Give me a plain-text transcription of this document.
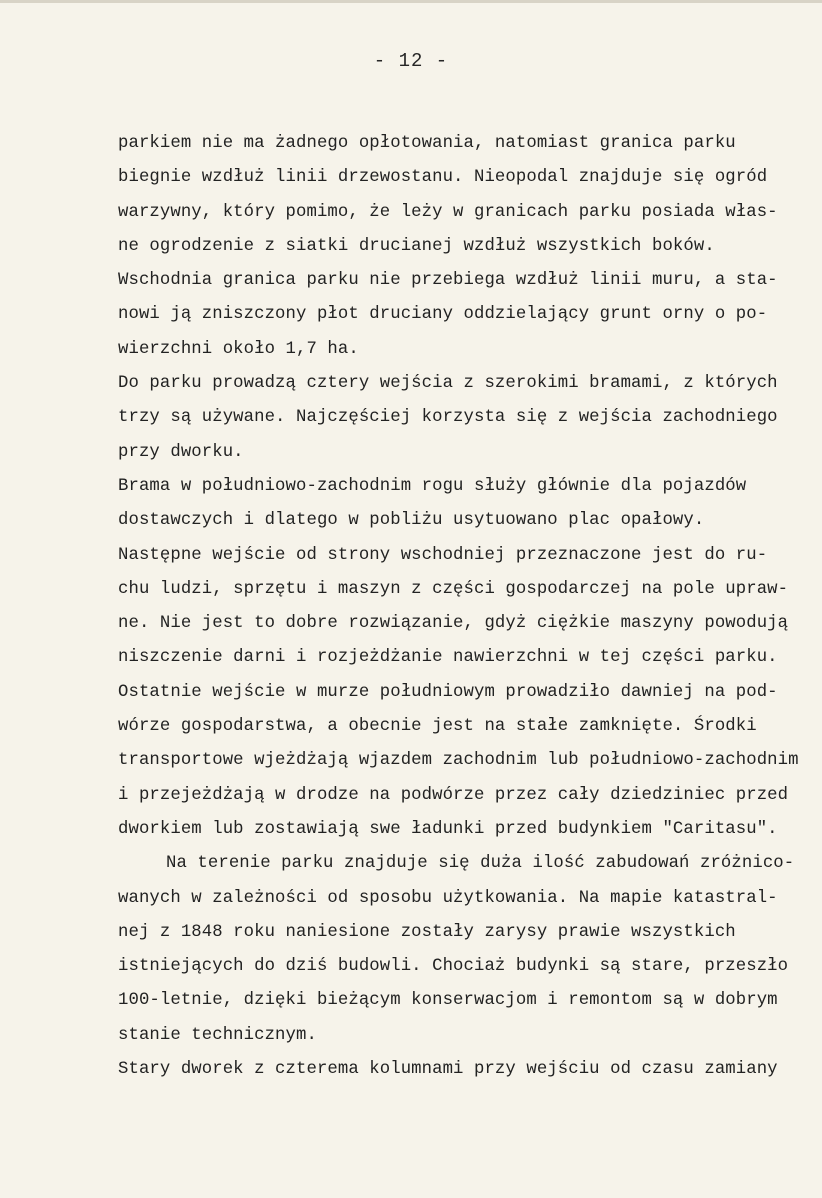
- 12 -
parkiem nie ma żadnego opłotowania, natomiast granica parku
biegnie wzdłuż linii drzewostanu. Nieopodal znajduje się ogród
warzywny, który pomimo, że leży w granicach parku posiada włas-
ne ogrodzenie z siatki drucianej wzdłuż wszystkich boków.
Wschodnia granica parku nie przebiega wzdłuż linii muru, a sta-
nowi ją zniszczony płot druciany oddzielający grunt orny o po-
wierzchni około 1,7 ha.
Do parku prowadzą cztery wejścia z szerokimi bramami, z których
trzy są używane. Najczęściej korzysta się z wejścia zachodniego
przy dworku.
Brama w południowo-zachodnim rogu służy głównie dla pojazdów
dostawczych i dlatego w pobliżu usytuowano plac opałowy.
Następne wejście od strony wschodniej przeznaczone jest do ru-
chu ludzi, sprzętu i maszyn z części gospodarczej na pole upraw-
ne. Nie jest to dobre rozwiązanie, gdyż ciężkie maszyny powodują
niszczenie darni i rozjeżdżanie nawierzchni w tej części parku.
Ostatnie wejście w murze południowym prowadziło dawniej na pod-
wórze gospodarstwa, a obecnie jest na stałe zamknięte. Środki
transportowe wjeżdżają wjazdem zachodnim lub południowo-zachodnim
i przejeżdżają w drodze na podwórze przez cały dziedziniec przed
dworkiem lub zostawiają swe ładunki przed budynkiem "Caritasu".
Na terenie parku znajduje się duża ilość zabudowań zróżnico-
wanych w zależności od sposobu użytkowania. Na mapie katastral-
nej z 1848 roku naniesione zostały zarysy prawie wszystkich
istniejących do dziś budowli. Chociaż budynki są stare, przeszło
100-letnie, dzięki bieżącym konserwacjom i remontom są w dobrym
stanie technicznym.
Stary dworek z czterema kolumnami przy wejściu od czasu zamiany
